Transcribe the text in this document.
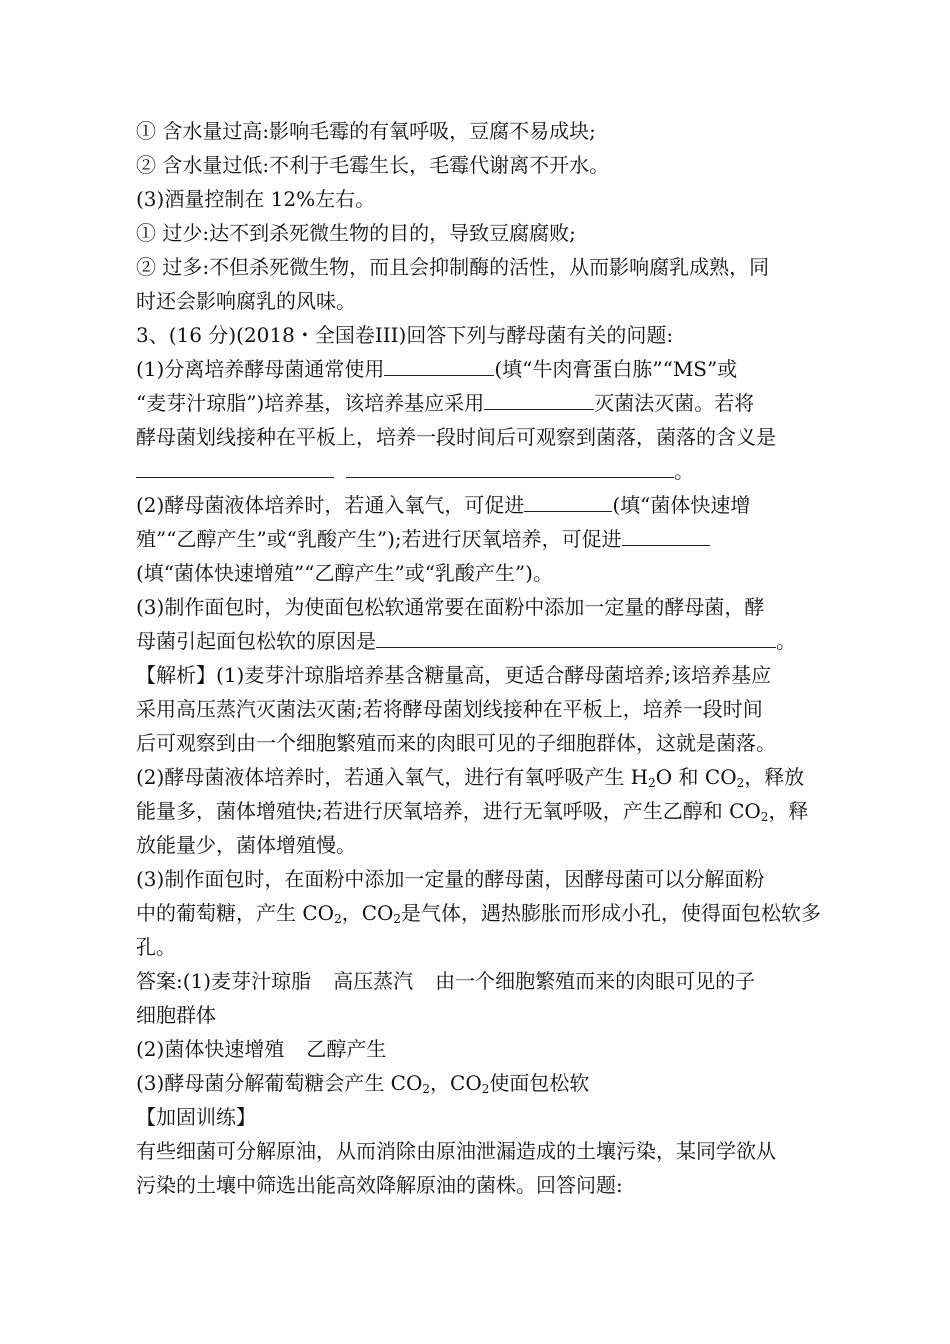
① 含水量过高:影响毛霉的有氧呼吸，豆腐不易成块;
② 含水量过低:不利于毛霉生长，毛霉代谢离不开水。
(3)酒量控制在 12%左右。
① 过少:达不到杀死微生物的目的，导致豆腐腐败;
② 过多:不但杀死微生物，而且会抑制酶的活性，从而影响腐乳成熟，同
时还会影响腐乳的风味。
3、(16 分)(2018・全国卷III)回答下列与酵母菌有关的问题:
(1)分离培养酵母菌通常使用	(填“牛肉膏蛋白胨”“MS”或
“麦芽汁琼脂”)培养基，该培养基应采用	灭菌法灭菌。若将
酵母菌划线接种在平板上，培养一段时间后可观察到菌落，菌落的含义是
。
(2)酵母菌液体培养时，若通入氧气，可促进	(填“菌体快速增
殖”“乙醇产生”或“乳酸产生”);若进行厌氧培养，可促进
(填“菌体快速增殖”“乙醇产生”或“乳酸产生”)。
(3)制作面包时，为使面包松软通常要在面粉中添加一定量的酵母菌，酵
母菌引起面包松软的原因是	。
【解析】(1)麦芽汁琼脂培养基含糖量高，更适合酵母菌培养;该培养基应
采用高压蒸汽灭菌法灭菌;若将酵母菌划线接种在平板上，培养一段时间
后可观察到由一个细胞繁殖而来的肉眼可见的子细胞群体，这就是菌落。
(2)酵母菌液体培养时，若通入氧气，进行有氧呼吸产生 $H_2O$ 和 $CO_2$，释放
能量多，菌体增殖快;若进行厌氧培养，进行无氧呼吸，产生乙醇和 $CO_2$，释
放能量少，菌体增殖慢。
(3)制作面包时，在面粉中添加一定量的酵母菌，因酵母菌可以分解面粉
中的葡萄糖，产生 $CO_2$，$CO_2$是气体，遇热膨胀而形成小孔，使得面包松软多
孔。
答案:(1)麦芽汁琼脂 高压蒸汽 由一个细胞繁殖而来的肉眼可见的子
细胞群体
(2)菌体快速增殖 乙醇产生
(3)酵母菌分解葡萄糖会产生 $CO_2$，$CO_2$使面包松软
【加固训练】
有些细菌可分解原油，从而消除由原油泄漏造成的土壤污染，某同学欲从
污染的土壤中筛选出能高效降解原油的菌株。回答问题:
